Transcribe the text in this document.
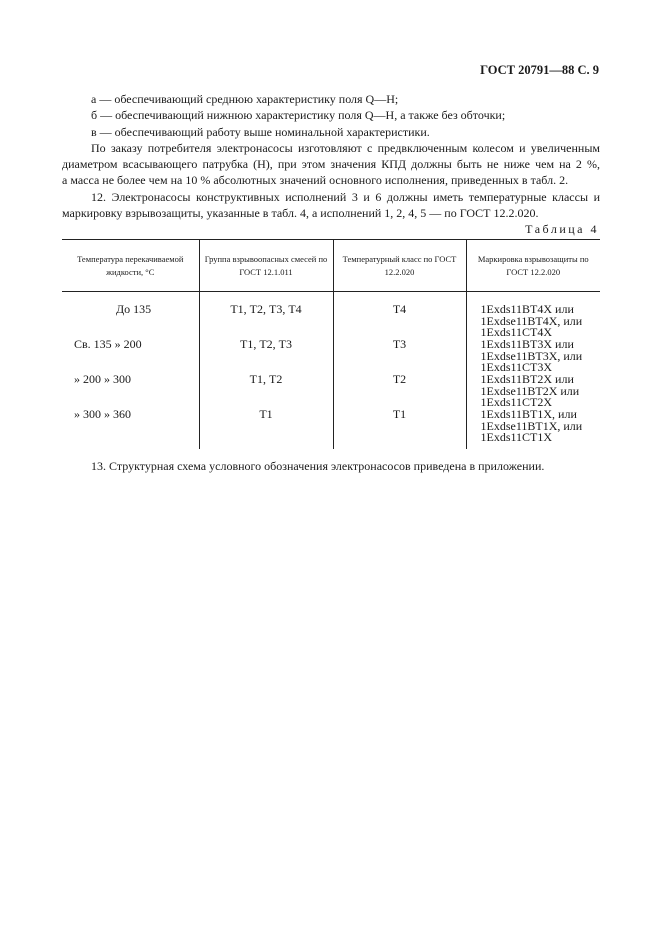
ГОСТ 20791—88 С. 9
а — обеспечивающий среднюю характеристику поля Q—H;
б — обеспечивающий нижнюю характеристику поля Q—H, а также без обточки;
в — обеспечивающий работу выше номинальной характеристики.
По заказу потребителя электронасосы изготовляют с предвключенным колесом и увеличенным
диаметром всасывающего патрубка (H), при этом значения КПД должны быть не ниже чем на 2 %,
а масса не более чем на 10 % абсолютных значений основного исполнения, приведенных в табл. 2.
12. Электронасосы конструктивных исполнений 3 и 6 должны иметь температурные классы и
маркировку взрывозащиты, указанные в табл. 4, а исполнений 1, 2, 4, 5 — по ГОСТ 12.2.020.
Таблица 4
Температура перекачиваемой жидкости, °С	Группа взрывоопасных смесей по ГОСТ 12.1.011	Температурный класс по ГОСТ 12.2.020	Маркировка взрывозащиты по ГОСТ 12.2.020
До 135	Т1, Т2, Т3, Т4	Т4	1Exds11BT4X или
1Exdse11BT4X, или
1Exds11CT4X

Св. 135 » 200	Т1, Т2, Т3	Т3	1Exds11BT3X или
1Exdse11BT3X, или
1Exds11CT3X

» 200 » 300	Т1, Т2	Т2	1Exds11BT2X или
1Exdse11BT2X или
1Exds11CT2X

» 300 » 360	Т1	Т1	1Exds11BT1X, или
1Exdse11BT1X, или
1Exds11CT1X
13. Структурная схема условного обозначения электронасосов приведена в приложении.
